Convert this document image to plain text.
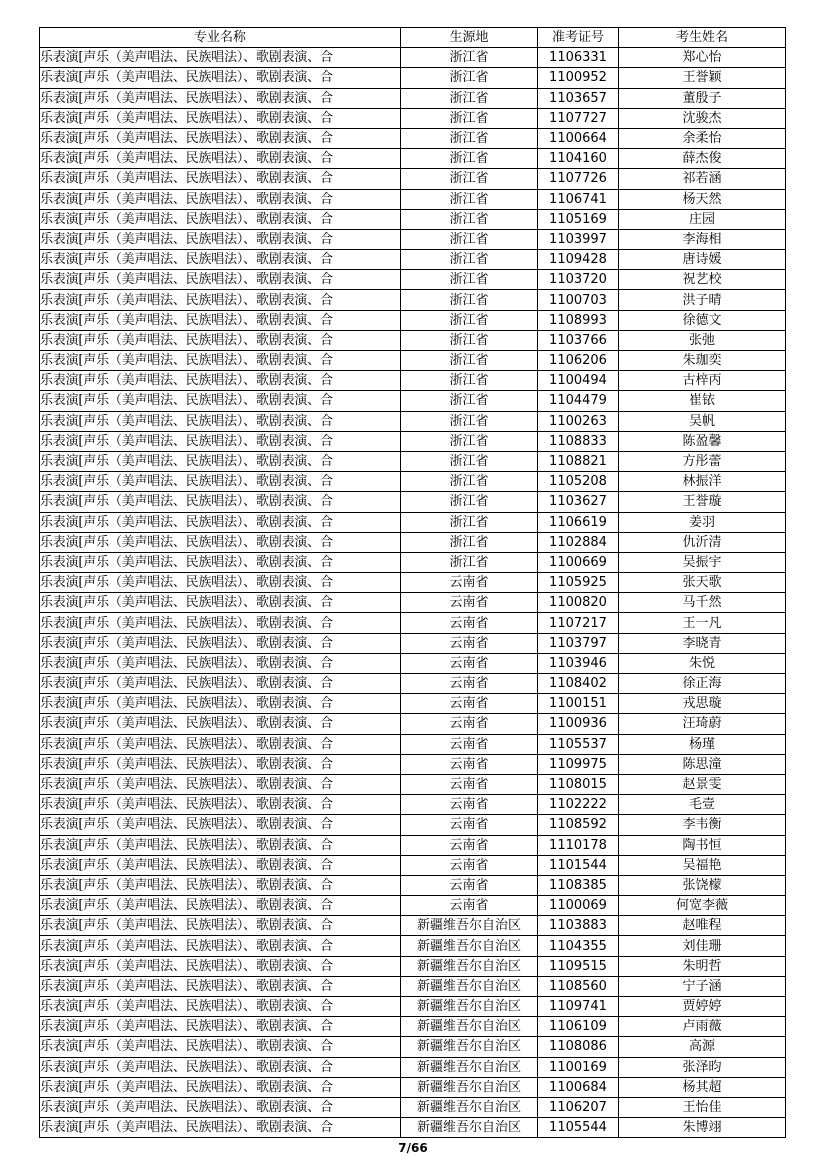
专业名称	生源地	准考证号	考生姓名
乐表演[声乐（美声唱法、民族唱法）、歌剧表演、合	浙江省	1106331	郑心怡
乐表演[声乐（美声唱法、民族唱法）、歌剧表演、合	浙江省	1100952	王誉颖
乐表演[声乐（美声唱法、民族唱法）、歌剧表演、合	浙江省	1103657	董殷子
乐表演[声乐（美声唱法、民族唱法）、歌剧表演、合	浙江省	1107727	沈骏杰
乐表演[声乐（美声唱法、民族唱法）、歌剧表演、合	浙江省	1100664	余柔怡
乐表演[声乐（美声唱法、民族唱法）、歌剧表演、合	浙江省	1104160	薛杰俊
乐表演[声乐（美声唱法、民族唱法）、歌剧表演、合	浙江省	1107726	祁若涵
乐表演[声乐（美声唱法、民族唱法）、歌剧表演、合	浙江省	1106741	杨天然
乐表演[声乐（美声唱法、民族唱法）、歌剧表演、合	浙江省	1105169	庄园
乐表演[声乐（美声唱法、民族唱法）、歌剧表演、合	浙江省	1103997	李海相
乐表演[声乐（美声唱法、民族唱法）、歌剧表演、合	浙江省	1109428	唐诗媛
乐表演[声乐（美声唱法、民族唱法）、歌剧表演、合	浙江省	1103720	祝艺校
乐表演[声乐（美声唱法、民族唱法）、歌剧表演、合	浙江省	1100703	洪子晴
乐表演[声乐（美声唱法、民族唱法）、歌剧表演、合	浙江省	1108993	徐德文
乐表演[声乐（美声唱法、民族唱法）、歌剧表演、合	浙江省	1103766	张弛
乐表演[声乐（美声唱法、民族唱法）、歌剧表演、合	浙江省	1106206	朱珈奕
乐表演[声乐（美声唱法、民族唱法）、歌剧表演、合	浙江省	1100494	古梓丙
乐表演[声乐（美声唱法、民族唱法）、歌剧表演、合	浙江省	1104479	崔铱
乐表演[声乐（美声唱法、民族唱法）、歌剧表演、合	浙江省	1100263	吴帆
乐表演[声乐（美声唱法、民族唱法）、歌剧表演、合	浙江省	1108833	陈盈馨
乐表演[声乐（美声唱法、民族唱法）、歌剧表演、合	浙江省	1108821	方彤蕾
乐表演[声乐（美声唱法、民族唱法）、歌剧表演、合	浙江省	1105208	林振洋
乐表演[声乐（美声唱法、民族唱法）、歌剧表演、合	浙江省	1103627	王誉璇
乐表演[声乐（美声唱法、民族唱法）、歌剧表演、合	浙江省	1106619	姜羽
乐表演[声乐（美声唱法、民族唱法）、歌剧表演、合	浙江省	1102884	仇沂清
乐表演[声乐（美声唱法、民族唱法）、歌剧表演、合	浙江省	1100669	吴振宇
乐表演[声乐（美声唱法、民族唱法）、歌剧表演、合	云南省	1105925	张天歌
乐表演[声乐（美声唱法、民族唱法）、歌剧表演、合	云南省	1100820	马千然
乐表演[声乐（美声唱法、民族唱法）、歌剧表演、合	云南省	1107217	王一凡
乐表演[声乐（美声唱法、民族唱法）、歌剧表演、合	云南省	1103797	李晓青
乐表演[声乐（美声唱法、民族唱法）、歌剧表演、合	云南省	1103946	朱悦
乐表演[声乐（美声唱法、民族唱法）、歌剧表演、合	云南省	1108402	徐正海
乐表演[声乐（美声唱法、民族唱法）、歌剧表演、合	云南省	1100151	戎思璇
乐表演[声乐（美声唱法、民族唱法）、歌剧表演、合	云南省	1100936	汪琦蔚
乐表演[声乐（美声唱法、民族唱法）、歌剧表演、合	云南省	1105537	杨瑾
乐表演[声乐（美声唱法、民族唱法）、歌剧表演、合	云南省	1109975	陈思潼
乐表演[声乐（美声唱法、民族唱法）、歌剧表演、合	云南省	1108015	赵景雯
乐表演[声乐（美声唱法、民族唱法）、歌剧表演、合	云南省	1102222	毛壹
乐表演[声乐（美声唱法、民族唱法）、歌剧表演、合	云南省	1108592	李韦衡
乐表演[声乐（美声唱法、民族唱法）、歌剧表演、合	云南省	1110178	陶书恒
乐表演[声乐（美声唱法、民族唱法）、歌剧表演、合	云南省	1101544	吴福艳
乐表演[声乐（美声唱法、民族唱法）、歌剧表演、合	云南省	1108385	张饶檬
乐表演[声乐（美声唱法、民族唱法）、歌剧表演、合	云南省	1100069	何宽李薇
乐表演[声乐（美声唱法、民族唱法）、歌剧表演、合	新疆维吾尔自治区	1103883	赵唯程
乐表演[声乐（美声唱法、民族唱法）、歌剧表演、合	新疆维吾尔自治区	1104355	刘佳珊
乐表演[声乐（美声唱法、民族唱法）、歌剧表演、合	新疆维吾尔自治区	1109515	朱明哲
乐表演[声乐（美声唱法、民族唱法）、歌剧表演、合	新疆维吾尔自治区	1108560	宁子涵
乐表演[声乐（美声唱法、民族唱法）、歌剧表演、合	新疆维吾尔自治区	1109741	贾婷婷
乐表演[声乐（美声唱法、民族唱法）、歌剧表演、合	新疆维吾尔自治区	1106109	卢雨薇
乐表演[声乐（美声唱法、民族唱法）、歌剧表演、合	新疆维吾尔自治区	1108086	高源
乐表演[声乐（美声唱法、民族唱法）、歌剧表演、合	新疆维吾尔自治区	1100169	张泽昀
乐表演[声乐（美声唱法、民族唱法）、歌剧表演、合	新疆维吾尔自治区	1100684	杨其超
乐表演[声乐（美声唱法、民族唱法）、歌剧表演、合	新疆维吾尔自治区	1106207	王怡佳
乐表演[声乐（美声唱法、民族唱法）、歌剧表演、合	新疆维吾尔自治区	1105544	朱博翊
7/66
